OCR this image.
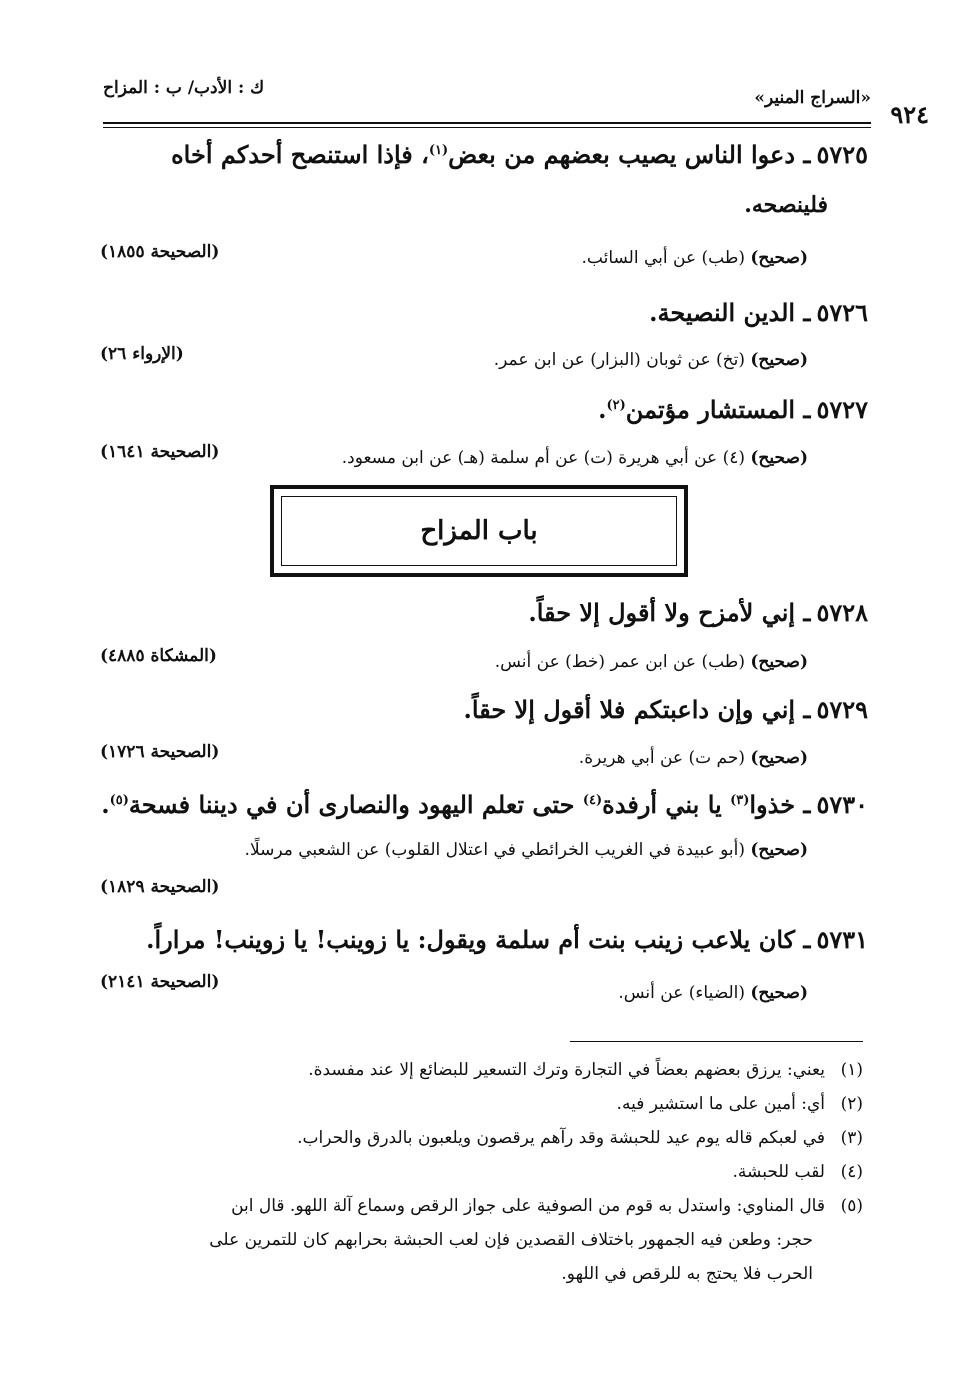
«السراج المنير»
ك : الأدب/ ب : المزاح
٩٢٤
٥٧٢٥ـ دعوا الناس يصيب بعضهم من بعض$^{(١)}$، فإذا استنصح أحدكم أخاه
فلينصحه.
(صحيح) (طب) عن أبي السائب.
(الصحيحة ١٨٥٥)
٥٧٢٦ـ الدين النصيحة.
(صحيح) (تخ) عن ثوبان (البزار) عن ابن عمر.
(الإرواء ٢٦)
٥٧٢٧ـ المستشار مؤتمن$^{(٢)}$.
(صحيح) (٤) عن أبي هريرة (ت) عن أم سلمة (هـ) عن ابن مسعود.
(الصحيحة ١٦٤١)
باب المزاح
٥٧٢٨ـ إني لأمزح ولا أقول إلا حقاً.
(صحيح) (طب) عن ابن عمر (خط) عن أنس.
(المشكاة ٤٨٨٥)
٥٧٢٩ـ إني وإن داعبتكم فلا أقول إلا حقاً.
(صحيح) (حم ت) عن أبي هريرة.
(الصحيحة ١٧٢٦)
٥٧٣٠ـ خذوا$^{(٣)}$ يا بني أرفدة$^{(٤)}$ حتى تعلم اليهود والنصارى أن في ديننا فسحة$^{(٥)}$.
(صحيح) (أبو عبيدة في الغريب الخرائطي في اعتلال القلوب) عن الشعبي مرسلًا.
(الصحيحة ١٨٢٩)
٥٧٣١ـ كان يلاعب زينب بنت أم سلمة ويقول: يا زوينب! يا زوينب! مراراً.
(صحيح) (الضياء) عن أنس.
(الصحيحة ٢١٤١)
(١)يعني: يرزق بعضهم بعضاً في التجارة وترك التسعير للبضائع إلا عند مفسدة.
(٢)أي: أمين على ما استشير فيه.
(٣)في لعبكم قاله يوم عيد للحبشة وقد رآهم يرقصون ويلعبون بالدرق والحراب.
(٤)لقب للحبشة.
(٥)قال المناوي: واستدل به قوم من الصوفية على جواز الرقص وسماع آلة اللهو. قال ابن
حجر: وطعن فيه الجمهور باختلاف القصدين فإن لعب الحبشة بحرابهم كان للتمرين على
الحرب فلا يحتج به للرقص في اللهو.
